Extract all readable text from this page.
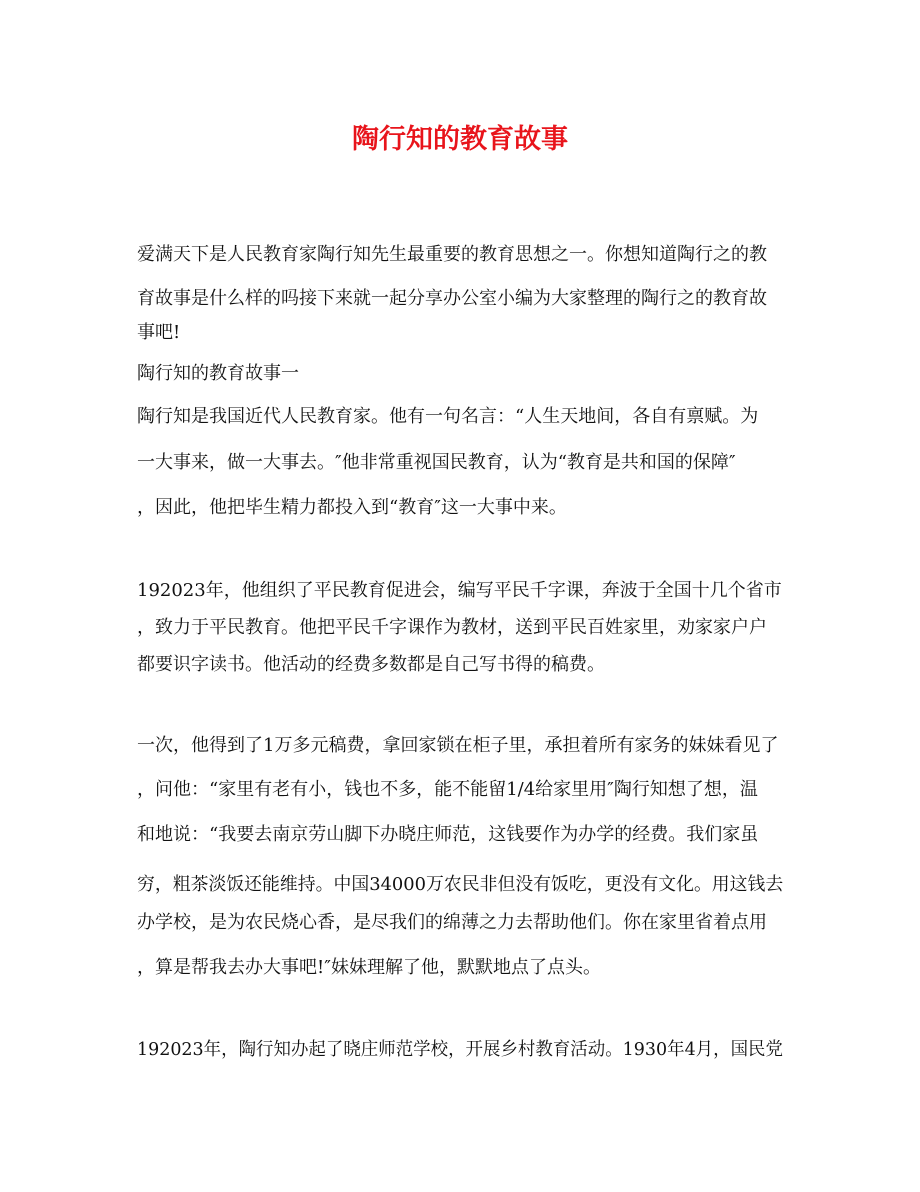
陶行知的教育故事
爱满天下是人民教育家陶行知先生最重要的教育思想之一。你想知道陶行之的教
育故事是什么样的吗接下来就一起分享办公室小编为大家整理的陶行之的教育故
事吧!
陶行知的教育故事一
陶行知是我国近代人民教育家。他有一句名言：“人生天地间，各自有禀赋。为
一大事来，做一大事去。″他非常重视国民教育，认为“教育是共和国的保障″
，因此，他把毕生精力都投入到“教育″这一大事中来。
192023年，他组织了平民教育促进会，编写平民千字课，奔波于全国十几个省市
，致力于平民教育。他把平民千字课作为教材，送到平民百姓家里，劝家家户户
都要识字读书。他活动的经费多数都是自己写书得的稿费。
一次，他得到了1万多元稿费，拿回家锁在柜子里，承担着所有家务的妹妹看见了
，问他：“家里有老有小，钱也不多，能不能留1/4给家里用″陶行知想了想，温
和地说：“我要去南京劳山脚下办晓庄师范，这钱要作为办学的经费。我们家虽
穷，粗茶淡饭还能维持。中国34000万农民非但没有饭吃，更没有文化。用这钱去
办学校，是为农民烧心香，是尽我们的绵薄之力去帮助他们。你在家里省着点用
，算是帮我去办大事吧!″妹妹理解了他，默默地点了点头。
192023年，陶行知办起了晓庄师范学校，开展乡村教育活动。1930年4月，国民党
